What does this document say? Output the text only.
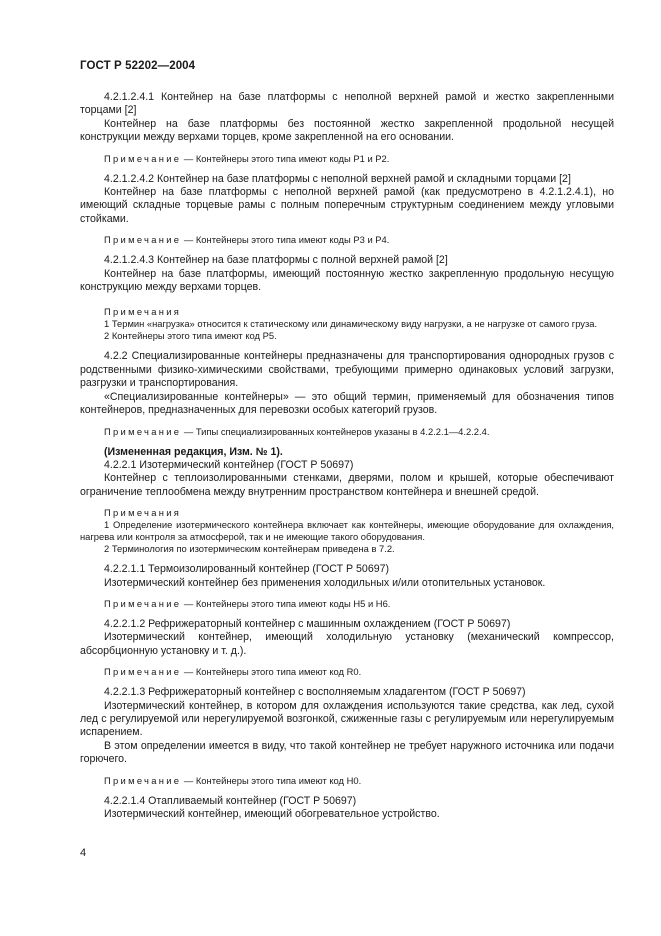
ГОСТ Р 52202—2004

4.2.1.2.4.1 Контейнер на базе платформы с неполной верхней рамой и жестко закрепленными торцами [2]

Контейнер на базе платформы без постоянной жестко закрепленной продольной несущей конструкции между верхами торцев, кроме закрепленной на его основании.

Примечание — Контейнеры этого типа имеют коды P1 и P2.

4.2.1.2.4.2 Контейнер на базе платформы с неполной верхней рамой и складными торцами [2]

Контейнер на базе платформы с неполной верхней рамой (как предусмотрено в 4.2.1.2.4.1), но имеющий складные торцевые рамы с полным поперечным структурным соединением между угловыми стойками.

Примечание — Контейнеры этого типа имеют коды P3 и P4.

4.2.1.2.4.3 Контейнер на базе платформы с полной верхней рамой [2]

Контейнер на базе платформы, имеющий постоянную жестко закрепленную продольную несущую конструкцию между верхами торцев.

Примечания

1 Термин «нагрузка» относится к статическому или динамическому виду нагрузки, а не нагрузке от самого груза.

2 Контейнеры этого типа имеют код P5.

4.2.2 Специализированные контейнеры предназначены для транспортирования однородных грузов с родственными физико-химическими свойствами, требующими примерно одинаковых условий загрузки, разгрузки и транспортирования.

«Специализированные контейнеры» — это общий термин, применяемый для обозначения типов контейнеров, предназначенных для перевозки особых категорий грузов.

Примечание — Типы специализированных контейнеров указаны в 4.2.2.1—4.2.2.4.

(Измененная редакция, Изм. № 1).

4.2.2.1 Изотермический контейнер (ГОСТ Р 50697)

Контейнер с теплоизолированными стенками, дверями, полом и крышей, которые обеспечивают ограничение теплообмена между внутренним пространством контейнера и внешней средой.

Примечания

1 Определение изотермического контейнера включает как контейнеры, имеющие оборудование для охлаждения, нагрева или контроля за атмосферой, так и не имеющие такого оборудования.

2 Терминология по изотермическим контейнерам приведена в 7.2.

4.2.2.1.1 Термоизолированный контейнер (ГОСТ Р 50697)

Изотермический контейнер без применения холодильных и/или отопительных установок.

Примечание — Контейнеры этого типа имеют коды H5 и H6.

4.2.2.1.2 Рефрижераторный контейнер с машинным охлаждением (ГОСТ Р 50697)

Изотермический контейнер, имеющий холодильную установку (механический компрессор, абсорбционную установку и т. д.).

Примечание — Контейнеры этого типа имеют код R0.

4.2.2.1.3 Рефрижераторный контейнер с восполняемым хладагентом (ГОСТ Р 50697)

Изотермический контейнер, в котором для охлаждения используются такие средства, как лед, сухой лед с регулируемой или нерегулируемой возгонкой, сжиженные газы с регулируемым или нерегулируемым испарением.

В этом определении имеется в виду, что такой контейнер не требует наружного источника или подачи горючего.

Примечание — Контейнеры этого типа имеют код H0.

4.2.2.1.4 Отапливаемый контейнер (ГОСТ Р 50697)

Изотермический контейнер, имеющий обогревательное устройство.

4
